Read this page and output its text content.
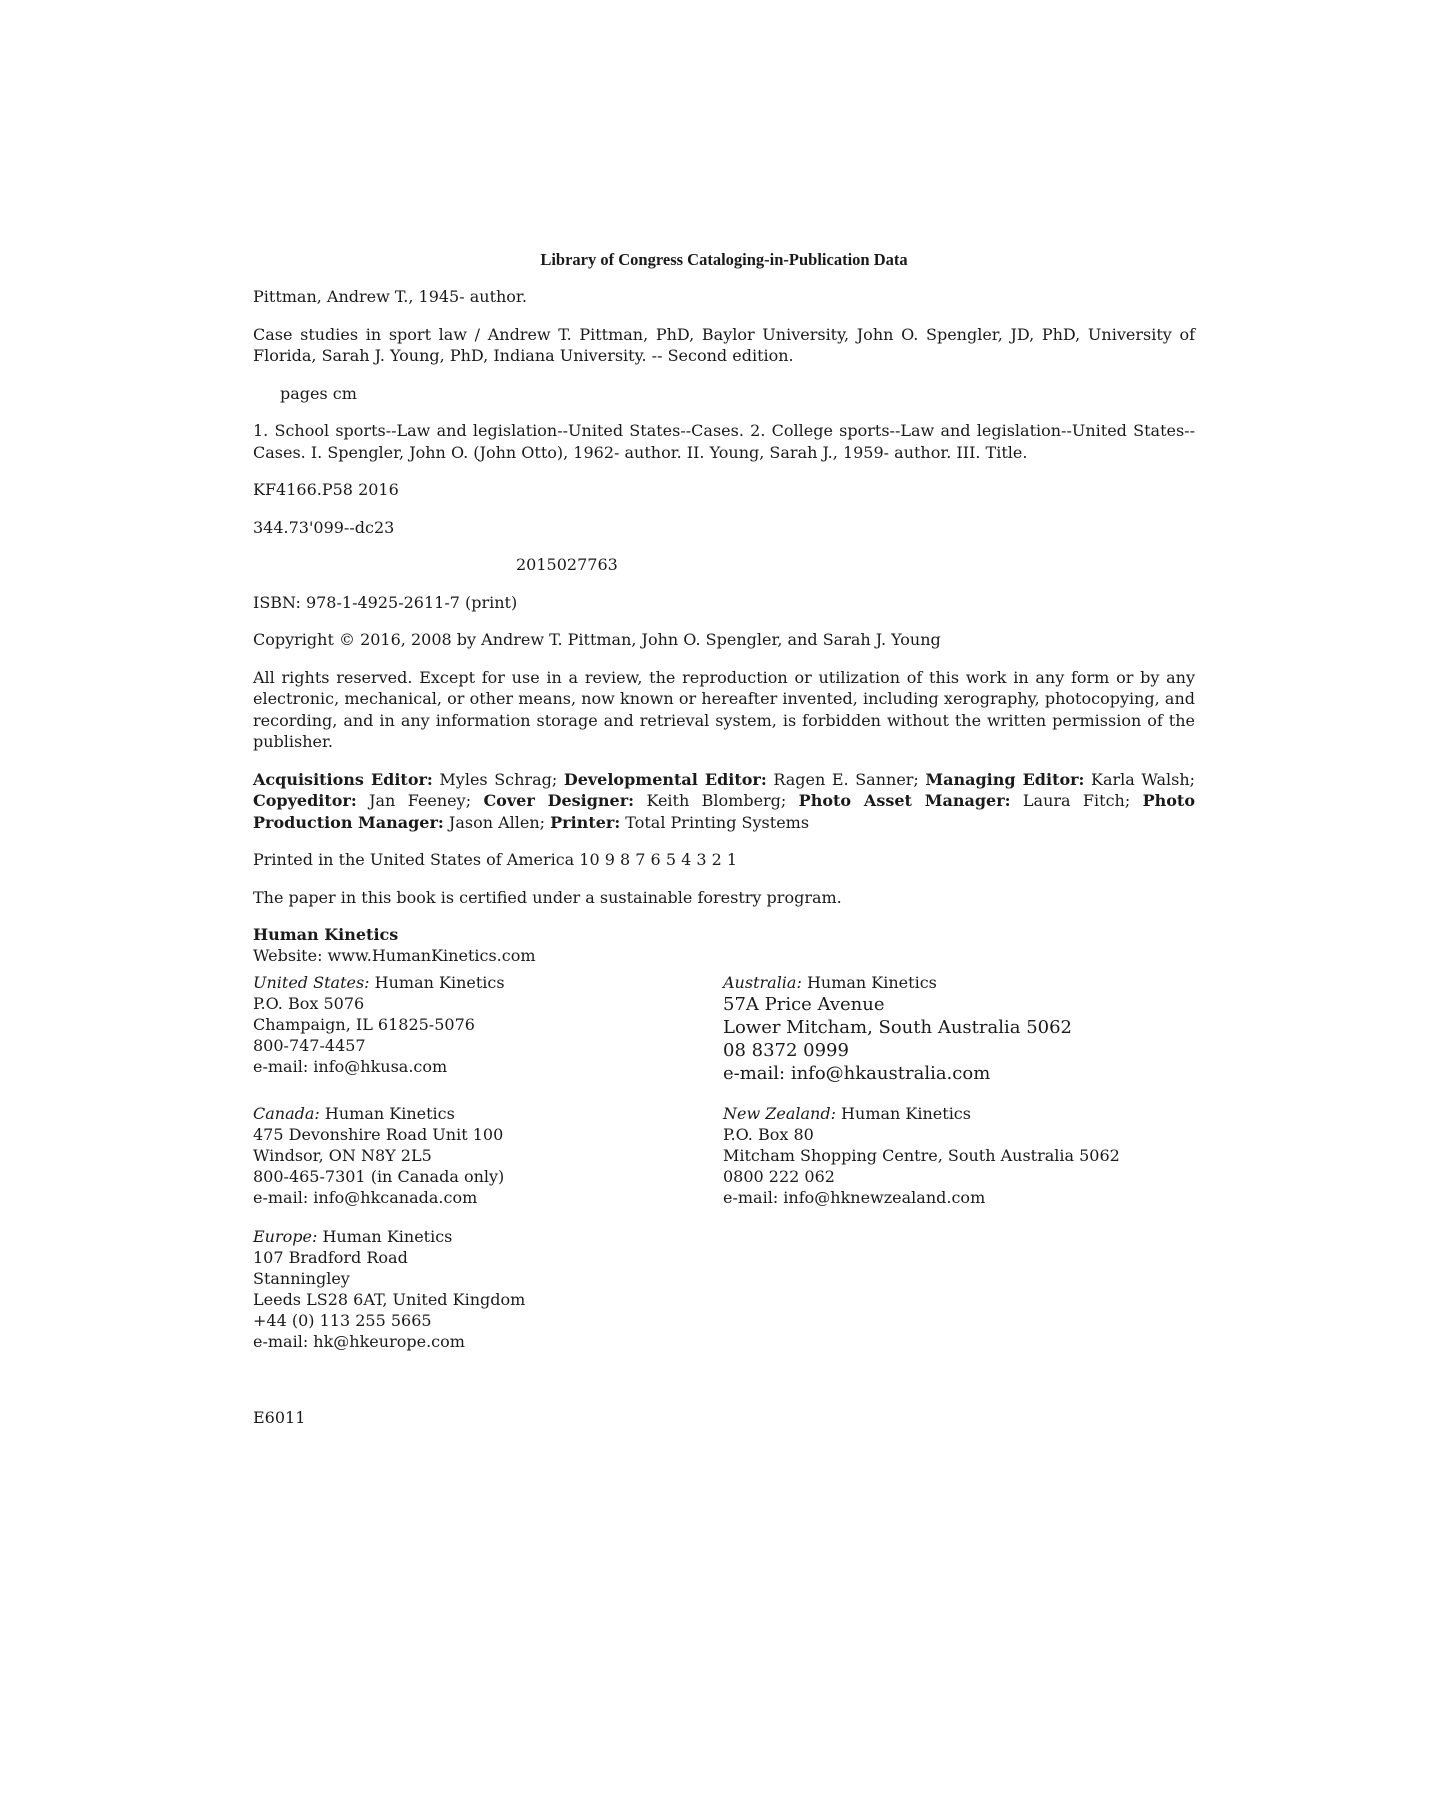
Library of Congress Cataloging-in-Publication Data
Pittman, Andrew T., 1945- author.
Case studies in sport law / Andrew T. Pittman, PhD, Baylor University, John O. Spengler, JD, PhD, University of Florida, Sarah J. Young, PhD, Indiana University. -- Second edition.
pages cm
1. School sports--Law and legislation--United States--Cases. 2. College sports--Law and legislation--United States--Cases. I. Spengler, John O. (John Otto), 1962- author. II. Young, Sarah J., 1959- author. III. Title.
KF4166.P58 2016
344.73'099--dc23
2015027763
ISBN: 978-1-4925-2611-7 (print)
Copyright © 2016, 2008 by Andrew T. Pittman, John O. Spengler, and Sarah J. Young
All rights reserved. Except for use in a review, the reproduction or utilization of this work in any form or by any electronic, mechanical, or other means, now known or hereafter invented, including xerography, photocopying, and recording, and in any information storage and retrieval system, is forbidden without the written permission of the publisher.
Acquisitions Editor: Myles Schrag; Developmental Editor: Ragen E. Sanner; Managing Editor: Karla Walsh; Copyeditor: Jan Feeney; Cover Designer: Keith Blomberg; Photo Asset Manager: Laura Fitch; Photo Production Manager: Jason Allen; Printer: Total Printing Systems
Printed in the United States of America 10 9 8 7 6 5 4 3 2 1
The paper in this book is certified under a sustainable forestry program.
Human Kinetics
Website: www.HumanKinetics.com
United States: Human Kinetics
P.O. Box 5076
Champaign, IL 61825-5076
800-747-4457
e-mail: info@hkusa.com
Australia: Human Kinetics
57A Price Avenue
Lower Mitcham, South Australia 5062
08 8372 0999
e-mail: info@hkaustralia.com
Canada: Human Kinetics
475 Devonshire Road Unit 100
Windsor, ON N8Y 2L5
800-465-7301 (in Canada only)
e-mail: info@hkcanada.com
New Zealand: Human Kinetics
P.O. Box 80
Mitcham Shopping Centre, South Australia 5062
0800 222 062
e-mail: info@hknewzealand.com
Europe: Human Kinetics
107 Bradford Road
Stanningley
Leeds LS28 6AT, United Kingdom
+44 (0) 113 255 5665
e-mail: hk@hkeurope.com
E6011
